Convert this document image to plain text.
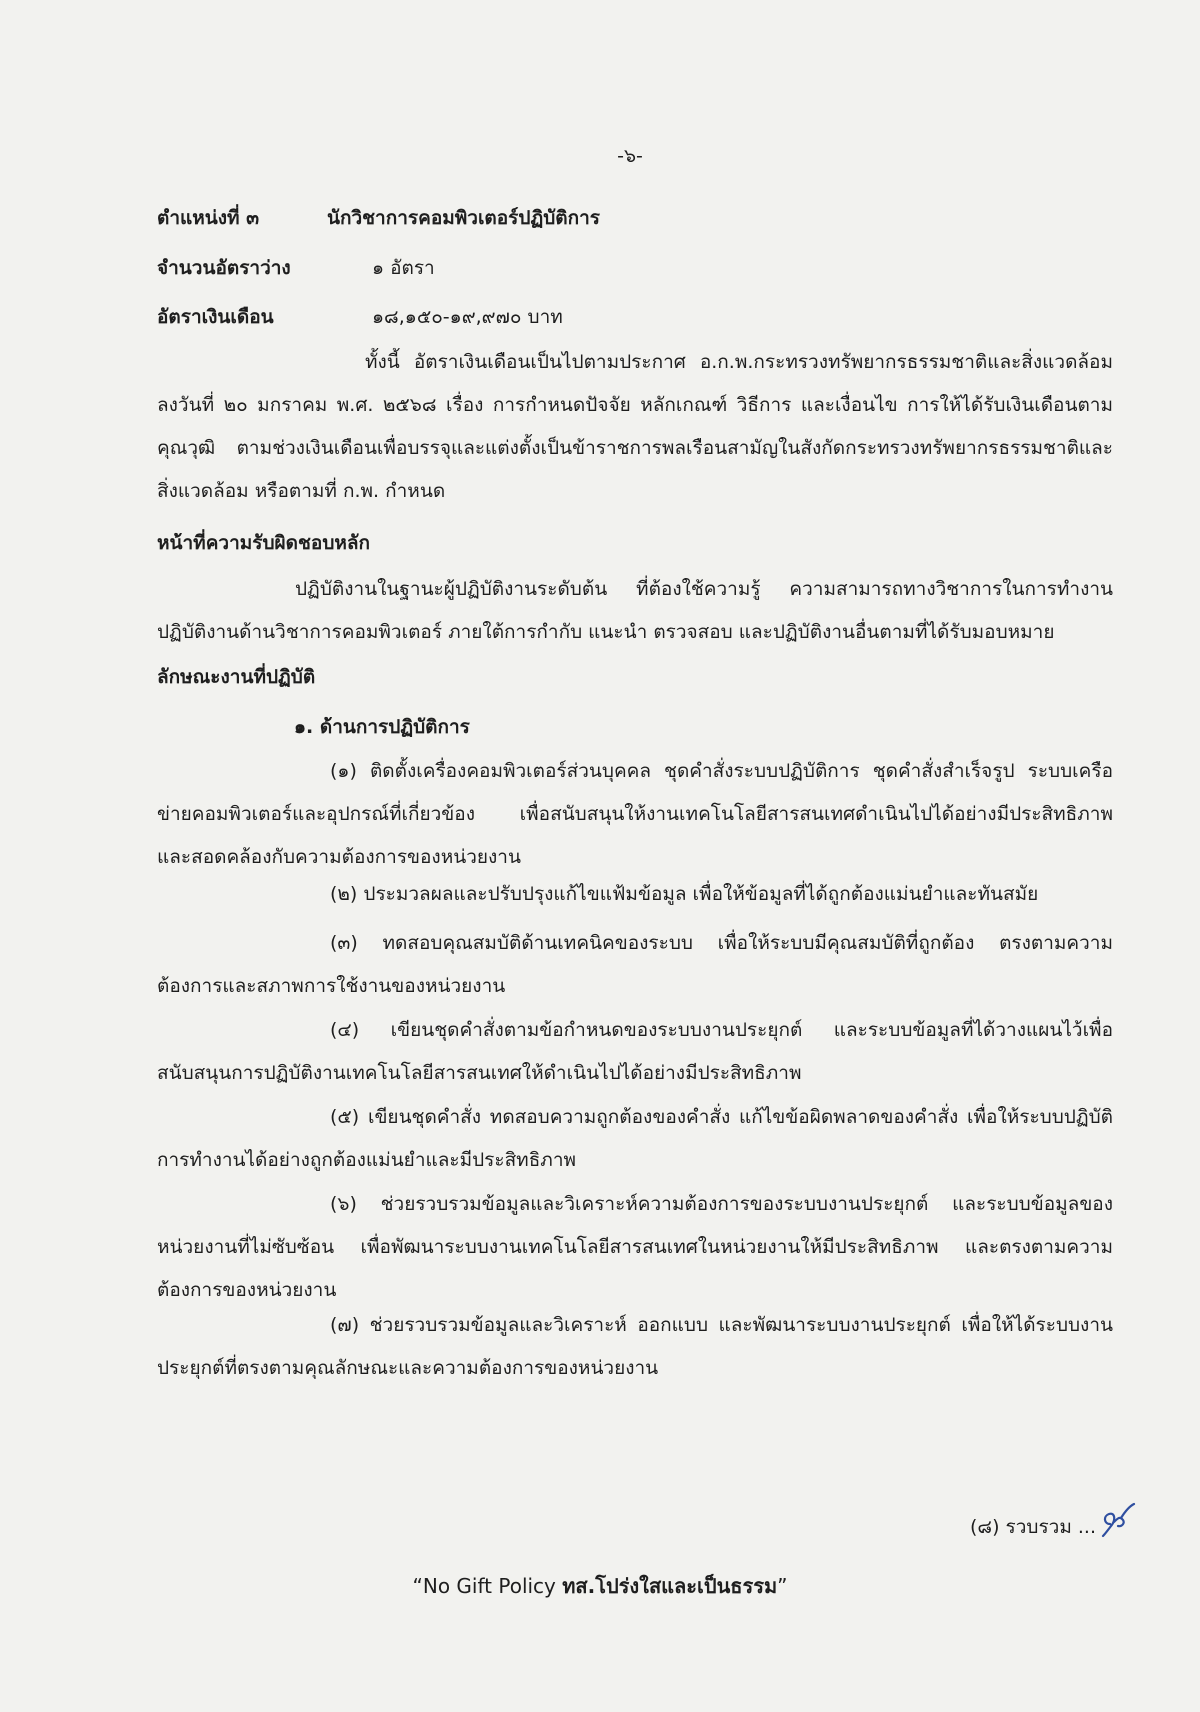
-๖-
ตำแหน่งที่ ๓	นักวิชาการคอมพิวเตอร์ปฏิบัติการ
จำนวนอัตราว่าง	๑ อัตรา
อัตราเงินเดือน	๑๘,๑๕๐-๑๙,๙๗๐ บาท
ทั้งนี้ อัตราเงินเดือนเป็นไปตามประกาศ อ.ก.พ.กระทรวงทรัพยากรธรรมชาติและสิ่งแวดล้อม ลงวันที่ ๒๐ มกราคม พ.ศ. ๒๕๖๘ เรื่อง การกำหนดปัจจัย หลักเกณฑ์ วิธีการ และเงื่อนไข การให้ได้รับเงินเดือนตามคุณวุฒิ ตามช่วงเงินเดือนเพื่อบรรจุและแต่งตั้งเป็นข้าราชการพลเรือนสามัญในสังกัดกระทรวงทรัพยากรธรรมชาติและสิ่งแวดล้อม หรือตามที่ ก.พ. กำหนด
หน้าที่ความรับผิดชอบหลัก
ปฏิบัติงานในฐานะผู้ปฏิบัติงานระดับต้น ที่ต้องใช้ความรู้ ความสามารถทางวิชาการในการทำงานปฏิบัติงานด้านวิชาการคอมพิวเตอร์ ภายใต้การกำกับ แนะนำ ตรวจสอบ และปฏิบัติงานอื่นตามที่ได้รับมอบหมาย
ลักษณะงานที่ปฏิบัติ
๑. ด้านการปฏิบัติการ
(๑) ติดตั้งเครื่องคอมพิวเตอร์ส่วนบุคคล ชุดคำสั่งระบบปฏิบัติการ ชุดคำสั่งสำเร็จรูป ระบบเครือข่ายคอมพิวเตอร์และอุปกรณ์ที่เกี่ยวข้อง เพื่อสนับสนุนให้งานเทคโนโลยีสารสนเทศดำเนินไปได้อย่างมีประสิทธิภาพ และสอดคล้องกับความต้องการของหน่วยงาน
(๒) ประมวลผลและปรับปรุงแก้ไขแฟ้มข้อมูล เพื่อให้ข้อมูลที่ได้ถูกต้องแม่นยำและทันสมัย
(๓) ทดสอบคุณสมบัติด้านเทคนิคของระบบ เพื่อให้ระบบมีคุณสมบัติที่ถูกต้อง ตรงตามความต้องการและสภาพการใช้งานของหน่วยงาน
(๔) เขียนชุดคำสั่งตามข้อกำหนดของระบบงานประยุกต์ และระบบข้อมูลที่ได้วางแผนไว้เพื่อสนับสนุนการปฏิบัติงานเทคโนโลยีสารสนเทศให้ดำเนินไปได้อย่างมีประสิทธิภาพ
(๕) เขียนชุดคำสั่ง ทดสอบความถูกต้องของคำสั่ง แก้ไขข้อผิดพลาดของคำสั่ง เพื่อให้ระบบปฏิบัติการทำงานได้อย่างถูกต้องแม่นยำและมีประสิทธิภาพ
(๖) ช่วยรวบรวมข้อมูลและวิเคราะห์ความต้องการของระบบงานประยุกต์ และระบบข้อมูลของหน่วยงานที่ไม่ซับซ้อน เพื่อพัฒนาระบบงานเทคโนโลยีสารสนเทศในหน่วยงานให้มีประสิทธิภาพ และตรงตามความต้องการของหน่วยงาน
(๗) ช่วยรวบรวมข้อมูลและวิเคราะห์ ออกแบบ และพัฒนาระบบงานประยุกต์ เพื่อให้ได้ระบบงานประยุกต์ที่ตรงตามคุณลักษณะและความต้องการของหน่วยงาน
(๘) รวบรวม ...
“No Gift Policy ทส.โปร่งใสและเป็นธรรม”
